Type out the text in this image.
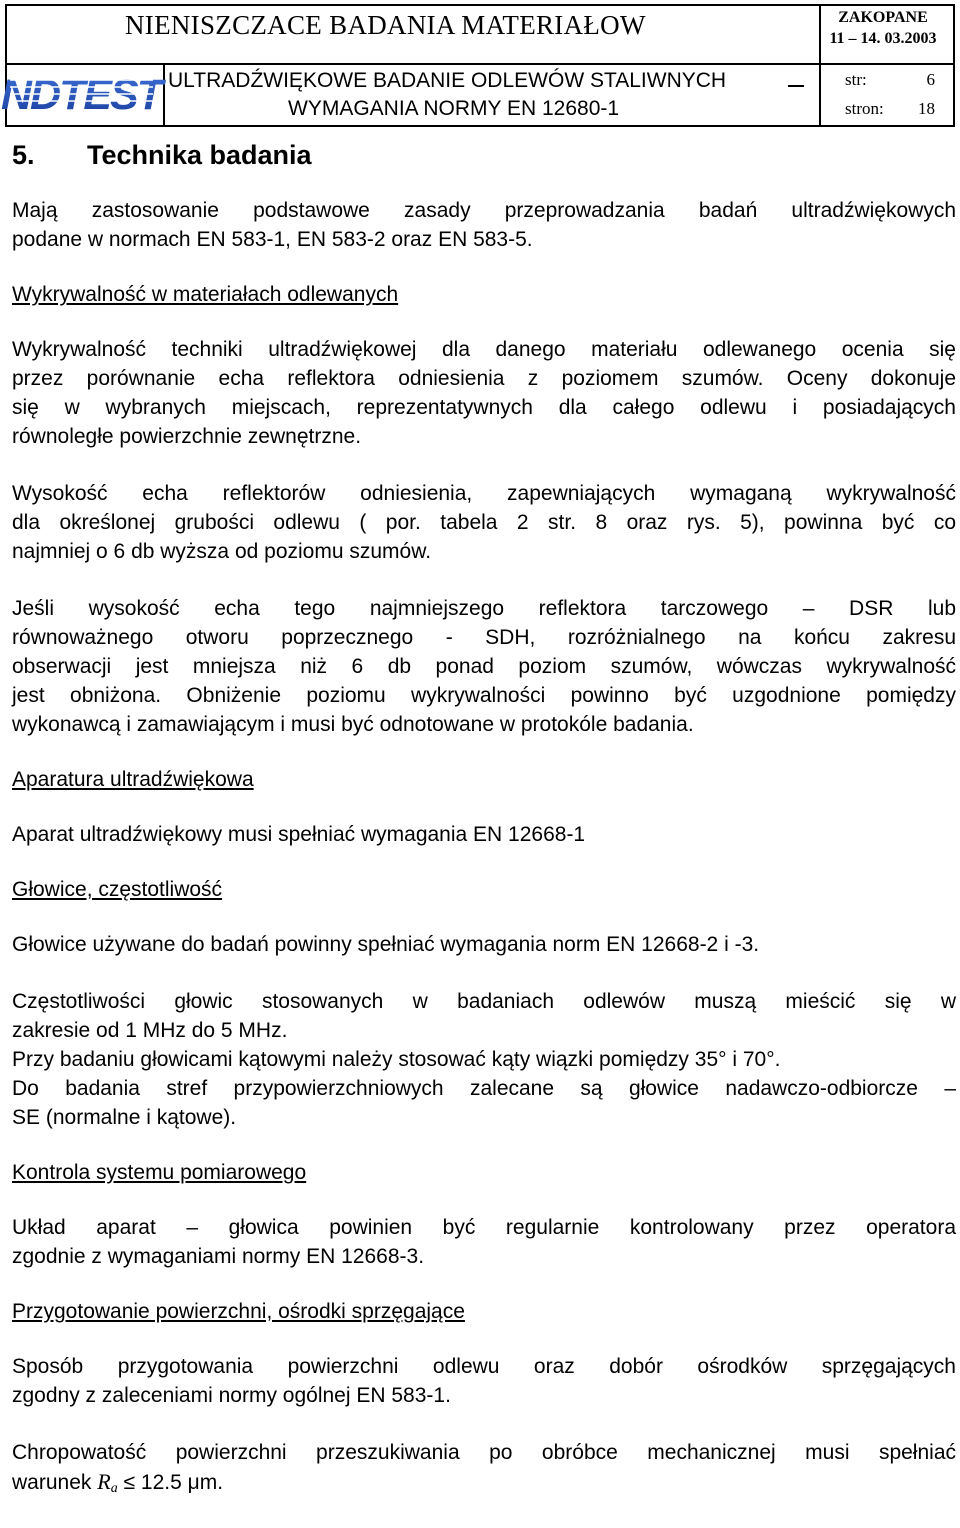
NIENISZCZACE BADANIA MATERIAŁOW	ZAKOPANE
11 – 14. 03.2003
NDTEST ULTRADŹWIĘKOWE BADANIE ODLEWÓW STALIWNYCH
WYMAGANIA NORMY EN 12680-1
str:	6
stron: 18
5. Technika badania

Mają zastosowanie podstawowe zasady przeprowadzania badań ultradźwiękowych
podane w normach EN 583-1, EN 583-2 oraz EN 583-5.

Wykrywalność w materiałach odlewanych

Wykrywalność techniki ultradźwiękowej dla danego materiału odlewanego ocenia się
przez porównanie echa reflektora odniesienia z poziomem szumów. Oceny dokonuje
się w wybranych miejscach, reprezentatywnych dla całego odlewu i posiadających
równoległe powierzchnie zewnętrzne.

Wysokość echa reflektorów odniesienia, zapewniających wymaganą wykrywalność
dla określonej grubości odlewu ( por. tabela 2 str. 8 oraz rys. 5), powinna być co
najmniej o 6 db wyższa od poziomu szumów.

Jeśli wysokość echa tego najmniejszego reflektora tarczowego – DSR lub
równoważnego otworu poprzecznego - SDH, rozróżnialnego na końcu zakresu
obserwacji jest mniejsza niż 6 db ponad poziom szumów, wówczas wykrywalność
jest obniżona. Obniżenie poziomu wykrywalności powinno być uzgodnione pomiędzy
wykonawcą i zamawiającym i musi być odnotowane w protokóle badania.

Aparatura ultradźwiękowa

Aparat ultradźwiękowy musi spełniać wymagania EN 12668-1

Głowice, częstotliwość

Głowice używane do badań powinny spełniać wymagania norm EN 12668-2 i -3.

Częstotliwości głowic stosowanych w badaniach odlewów muszą mieścić się w
zakresie od 1 MHz do 5 MHz.
Przy badaniu głowicami kątowymi należy stosować kąty wiązki pomiędzy 35° i 70°.
Do badania stref przypowierzchniowych zalecane są głowice nadawczo-odbiorcze –
SE (normalne i kątowe).

Kontrola systemu pomiarowego

Układ aparat – głowica powinien być regularnie kontrolowany przez operatora
zgodnie z wymaganiami normy EN 12668-3.

Przygotowanie powierzchni, ośrodki sprzęgające

Sposób przygotowania powierzchni odlewu oraz dobór ośrodków sprzęgających
zgodny z zaleceniami normy ogólnej EN 583-1.

Chropowatość powierzchni przeszukiwania po obróbce mechanicznej musi spełniać
warunek $R_a \le 12.5$ μm.
